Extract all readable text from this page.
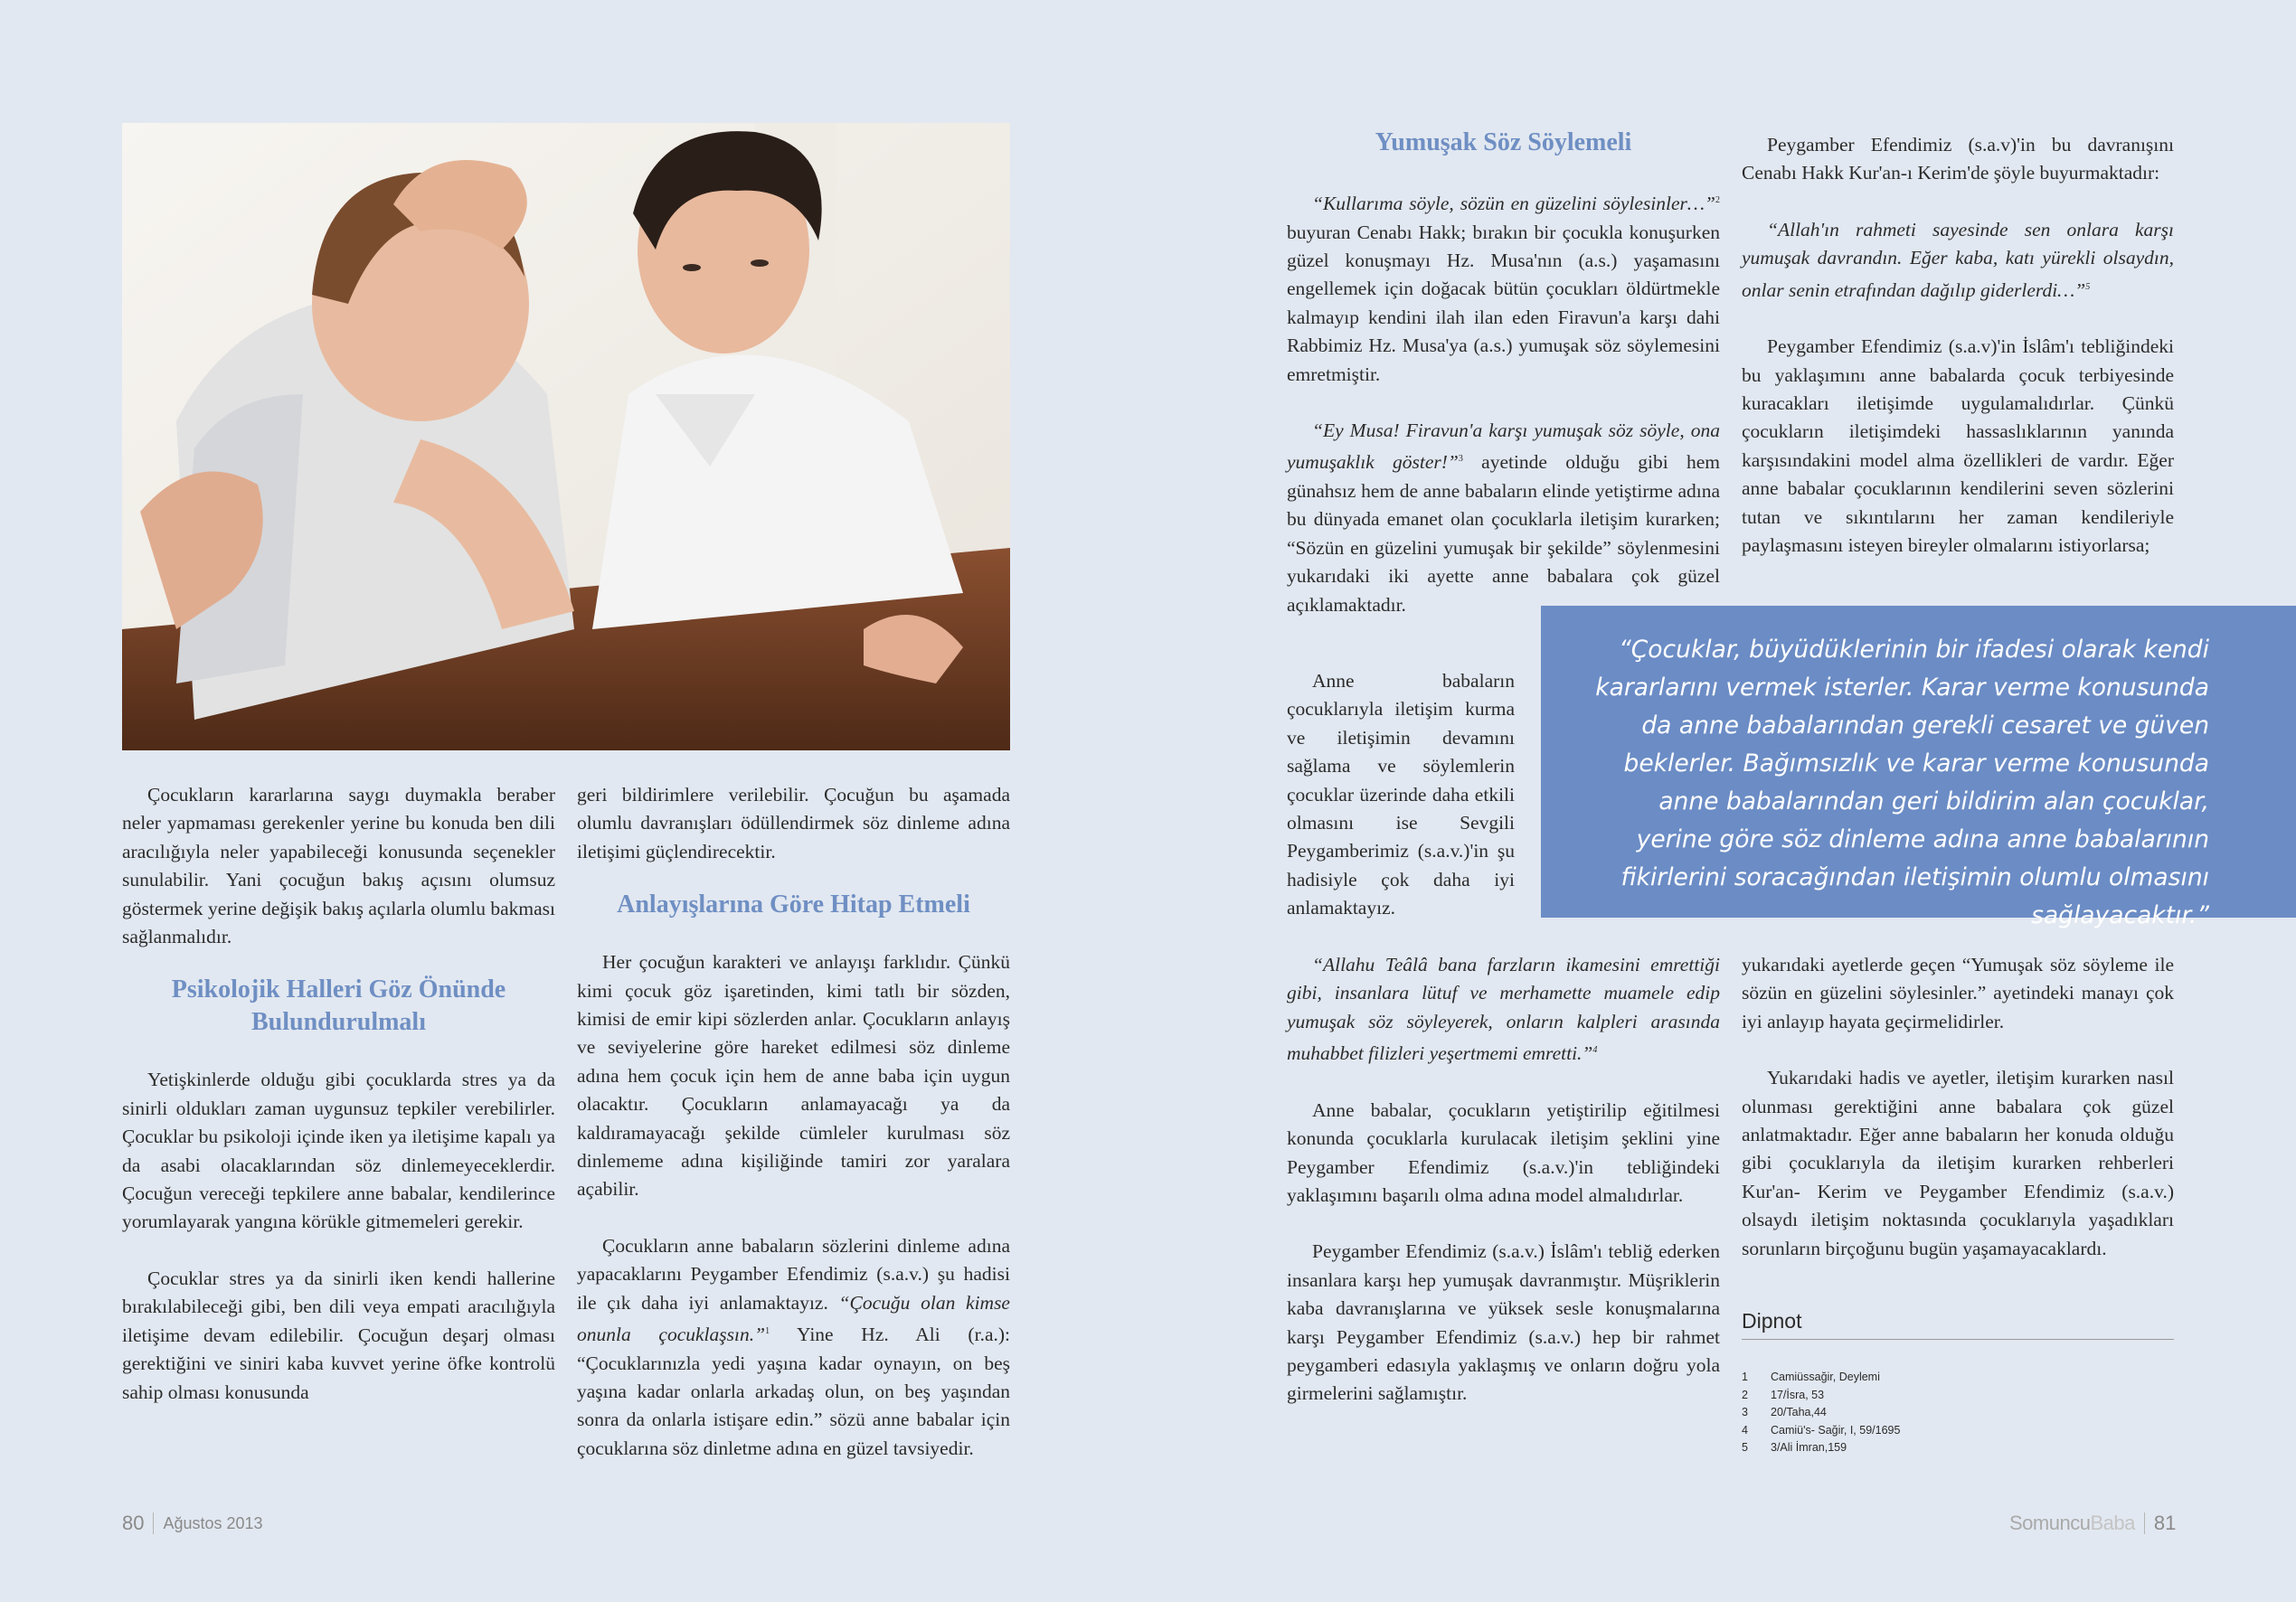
Çocukların kararlarına saygı duymakla beraber neler yapmaması gerekenler yerine bu konuda ben dili aracılığıyla neler yapabileceği konusunda seçenekler sunulabilir. Yani çocuğun bakış açısını olumsuz göstermek yerine değişik bakış açılarla olumlu bakması sağlanmalıdır.

Psikolojik Halleri Göz Önünde Bulundurulmalı

Yetişkinlerde olduğu gibi çocuklarda stres ya da sinirli oldukları zaman uygunsuz tepkiler verebilirler. Çocuklar bu psikoloji içinde iken ya iletişime kapalı ya da asabi olacaklarından söz dinlemeyeceklerdir. Çocuğun vereceği tepkilere anne babalar, kendilerince yorumlayarak yangına körükle gitmemeleri gerekir.

Çocuklar stres ya da sinirli iken kendi hallerine bırakılabileceği gibi, ben dili veya empati aracılığıyla iletişime devam edilebilir. Çocuğun deşarj olması gerektiğini ve siniri kaba kuvvet yerine öfke kontrolü sahip olması konusunda

geri bildirimlere verilebilir. Çocuğun bu aşamada olumlu davranışları ödüllendirmek söz dinleme adına iletişimi güçlendirecektir.

Anlayışlarına Göre Hitap Etmeli

Her çocuğun karakteri ve anlayışı farklıdır. Çünkü kimi çocuk göz işaretinden, kimi tatlı bir sözden, kimisi de emir kipi sözlerden anlar. Çocukların anlayış ve seviyelerine göre hareket edilmesi söz dinleme adına hem çocuk için hem de anne baba için uygun olacaktır. Çocukların anlamayacağı ya da kaldıramayacağı şekilde cümleler kurulması söz dinlememe adına kişiliğinde tamiri zor yaralara açabilir.

Çocukların anne babaların sözlerini dinleme adına yapacaklarını Peygamber Efendimiz (s.a.v.) şu hadisi ile çık daha iyi anlamaktayız. “Çocuğu olan kimse onunla çocuklaşsın.”$^1$ Yine Hz. Ali (r.a.): “Çocuklarınızla yedi yaşına kadar oynayın, on beş yaşına kadar onlarla arkadaş olun, on beş yaşından sonra da onlarla istişare edin.” sözü anne babalar için çocuklarına söz dinletme adına en güzel tavsiyedir.

80 Ağustos 2013
Yumuşak Söz Söylemeli

“Kullarıma söyle, sözün en güzelini söylesinler…”$^2$ buyuran Cenabı Hakk; bırakın bir çocukla konuşurken güzel konuşmayı Hz. Musa'nın (a.s.) yaşamasını engellemek için doğacak bütün çocukları öldürtmekle kalmayıp kendini ilah ilan eden Firavun'a karşı dahi Rabbimiz Hz. Musa'ya (a.s.) yumuşak söz söylemesini emretmiştir.

“Ey Musa! Firavun'a karşı yumuşak söz söyle, ona yumuşaklık göster!”$^3$ ayetinde olduğu gibi hem günahsız hem de anne babaların elinde yetiştirme adına bu dünyada emanet olan çocuklarla iletişim kurarken; “Sözün en güzelini yumuşak bir şekilde” söylenmesini yukarıdaki iki ayette anne babalara çok güzel açıklamaktadır.

Anne babaların çocuklarıyla iletişim kurma ve iletişimin devamını sağlama ve söylemlerin çocuklar üzerinde daha etkili olmasını ise Sevgili Peygamberimiz (s.a.v.)'in şu hadisiyle çok daha iyi anlamaktayız.

“Allahu Teâlâ bana farzların ikamesini emrettiği gibi, insanlara lütuf ve merhamette muamele edip yumuşak söz söyleyerek, onların kalpleri arasında muhabbet filizleri yeşertmemi emretti.”$^4$

Anne babalar, çocukların yetiştirilip eğitilmesi konunda çocuklarla kurulacak iletişim şeklini yine Peygamber Efendimiz (s.a.v.)'in tebliğindeki yaklaşımını başarılı olma adına model almalıdırlar.

Peygamber Efendimiz (s.a.v.) İslâm'ı tebliğ ederken insanlara karşı hep yumuşak davranmıştır. Müşriklerin kaba davranışlarına ve yüksek sesle konuşmalarına karşı Peygamber Efendimiz (s.a.v.) hep bir rahmet peygamberi edasıyla yaklaşmış ve onların doğru yola girmelerini sağlamıştır.

Peygamber Efendimiz (s.a.v)'in bu davranışını Cenabı Hakk Kur'an-ı Kerim'de şöyle buyurmaktadır:

“Allah'ın rahmeti sayesinde sen onlara karşı yumuşak davrandın. Eğer kaba, katı yürekli olsaydın, onlar senin etrafından dağılıp giderlerdi…”$^5$

Peygamber Efendimiz (s.a.v)'in İslâm'ı tebliğindeki bu yaklaşımını anne babalarda çocuk terbiyesinde kuracakları iletişimde uygulamalıdırlar. Çünkü çocukların iletişimdeki hassaslıklarının yanında karşısındakini model alma özellikleri de vardır. Eğer anne babalar çocuklarının kendilerini seven sözlerini tutan ve sıkıntılarını her zaman kendileriyle paylaşmasını isteyen bireyler olmalarını istiyorlarsa;

yukarıdaki ayetlerde geçen “Yumuşak söz söyleme ile sözün en güzelini söylesinler.” ayetindeki manayı çok iyi anlayıp hayata geçirmelidirler.

Yukarıdaki hadis ve ayetler, iletişim kurarken nasıl olunması gerektiğini anne babalara çok güzel anlatmaktadır. Eğer anne babaların her konuda olduğu gibi çocuklarıyla da iletişim kurarken rehberleri Kur'an- Kerim ve Peygamber Efendimiz (s.a.v.) olsaydı iletişim noktasında çocuklarıyla yaşadıkları sorunların birçoğunu bugün yaşamayacaklardı.

“Çocuklar, büyüdüklerinin bir ifadesi olarak kendi kararlarını vermek isterler. Karar verme konusunda da anne babalarından gerekli cesaret ve güven beklerler. Bağımsızlık ve karar verme konusunda anne babalarından geri bildirim alan çocuklar, yerine göre söz dinleme adına anne babalarının fikirlerini soracağından iletişimin olumlu olmasını sağlayacaktır.”
Dipnot
1 Camiüssağir, Deylemi
2 17/İsra, 53
3 20/Taha,44
4 Camiü's- Sağir, I, 59/1695
5 3/Ali İmran,159
SomuncuBaba 81
